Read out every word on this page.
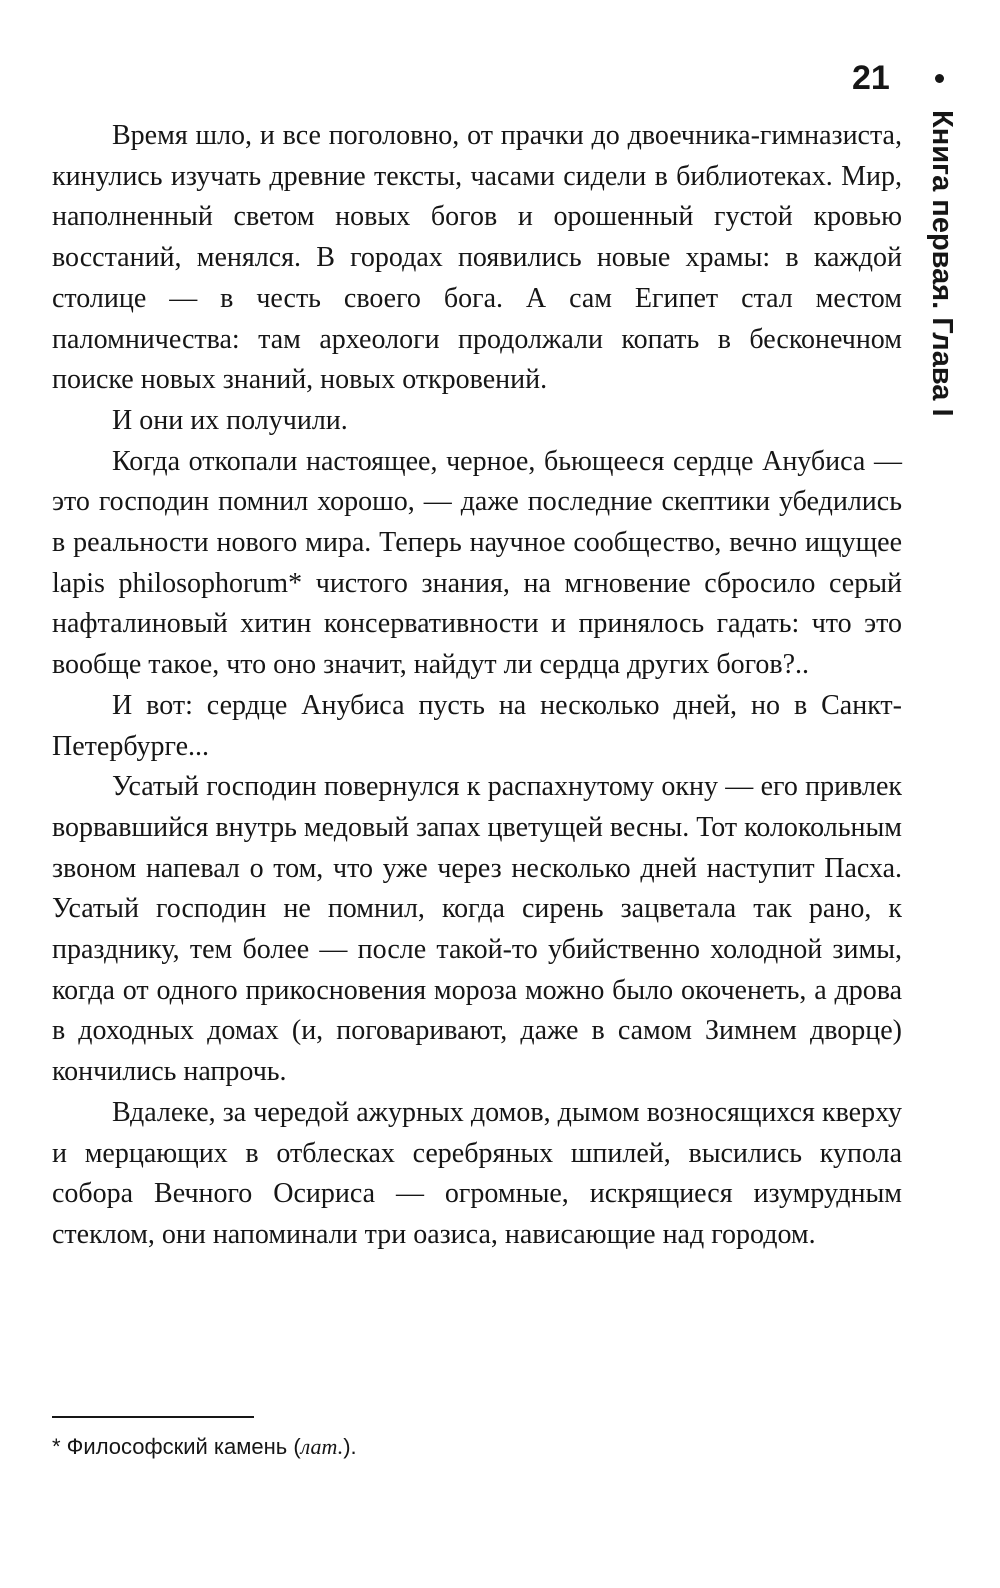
21
Книга первая. Глава I

Время шло, и все поголовно, от прачки до двоечника-гимназиста, кинулись изучать древние тексты, часами сидели в библиотеках. Мир, наполненный светом новых богов и орошенный густой кровью восстаний, менялся. В городах появились новые храмы: в каждой столице — в честь своего бога. А сам Египет стал местом паломничества: там археологи продолжали копать в бесконечном поиске новых знаний, новых откровений.

И они их получили.

Когда откопали настоящее, черное, бьющееся сердце Анубиса — это господин помнил хорошо, — даже последние скептики убедились в реальности нового мира. Теперь научное сообщество, вечно ищущее lapis philosophorum* чистого знания, на мгновение сбросило серый нафталиновый хитин консервативности и принялось гадать: что это вообще такое, что оно значит, найдут ли сердца других богов?..

И вот: сердце Анубиса пусть на несколько дней, но в Санкт-Петербурге...

Усатый господин повернулся к распахнутому окну — его привлек ворвавшийся внутрь медовый запах цветущей весны. Тот колокольным звоном напевал о том, что уже через несколько дней наступит Пасха. Усатый господин не помнил, когда сирень зацветала так рано, к празднику, тем более — после такой-то убийственно холодной зимы, когда от одного прикосновения мороза можно было окоченеть, а дрова в доходных домах (и, поговаривают, даже в самом Зимнем дворце) кончились напрочь.

Вдалеке, за чередой ажурных домов, дымом возносящихся кверху и мерцающих в отблесках серебряных шпилей, высились купола собора Вечного Осириса — огромные, искрящиеся изумрудным стеклом, они напоминали три оазиса, нависающие над городом.

* Философский камень (лат.).
